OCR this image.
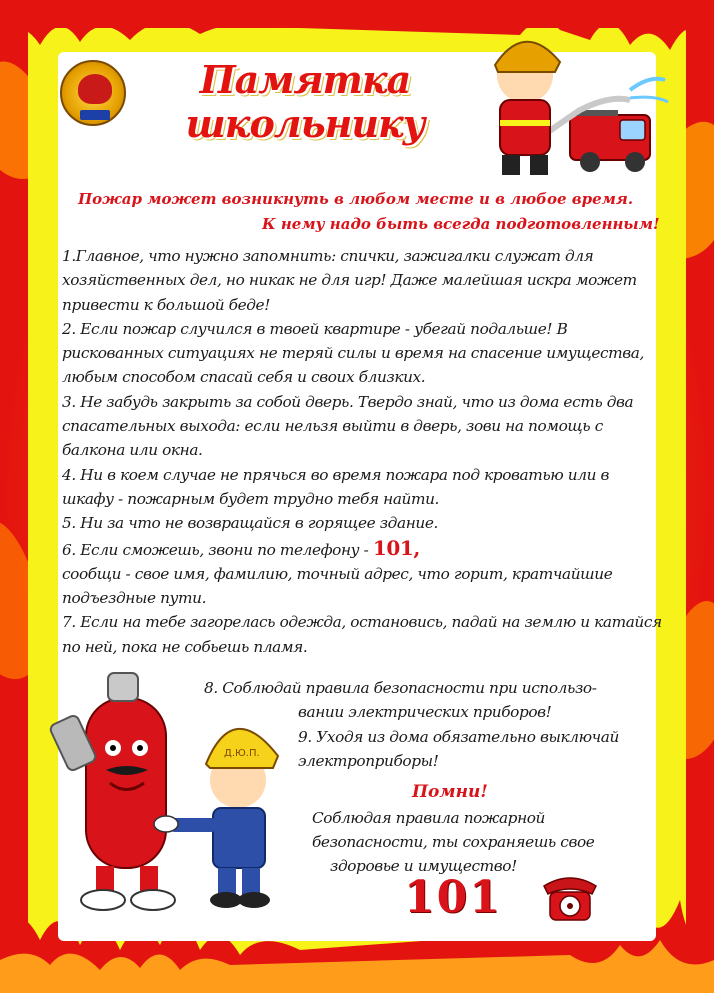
Памятка
школьнику
Пожар может возникнуть в любом месте и в любое время.
К нему надо быть всегда подготовленным!

1.Главное, что нужно запомнить: спички, зажигалки служат для хозяйственных дел, но никак не для игр! Даже малейшая искра может привести к большой беде!

2. Если пожар случился в твоей квартире - убегай подальше! В рискованных ситуациях не теряй силы и время на спасение имущества, любым способом спасай себя и своих близких.

3. Не забудь закрыть за собой дверь. Твердо знай, что из дома есть два спасательных выхода: если нельзя выйти в дверь, зови на помощь с балкона или окна.

4. Ни в коем случае не прячься во время пожара под кроватью или в шкафу - пожарным будет трудно тебя найти.

5. Ни за что не возвращайся в горящее здание.

6. Если сможешь, звони по телефону - 101,
сообщи - свое имя, фамилию, точный адрес, что горит, кратчайшие подъездные пути.

7. Если на тебе загорелась одежда, остановись, падай на землю и катайся по ней, пока не собьешь пламя.

8. Соблюдай правила безопасности при использо-

вании электрических приборов!

9. Уходя из дома обязательно выключай

электроприборы!

Д.Ю.П.
Помни!
Соблюдая правила пожарной
безопасности, ты сохраняешь свое
здоровье и имущество!
101
